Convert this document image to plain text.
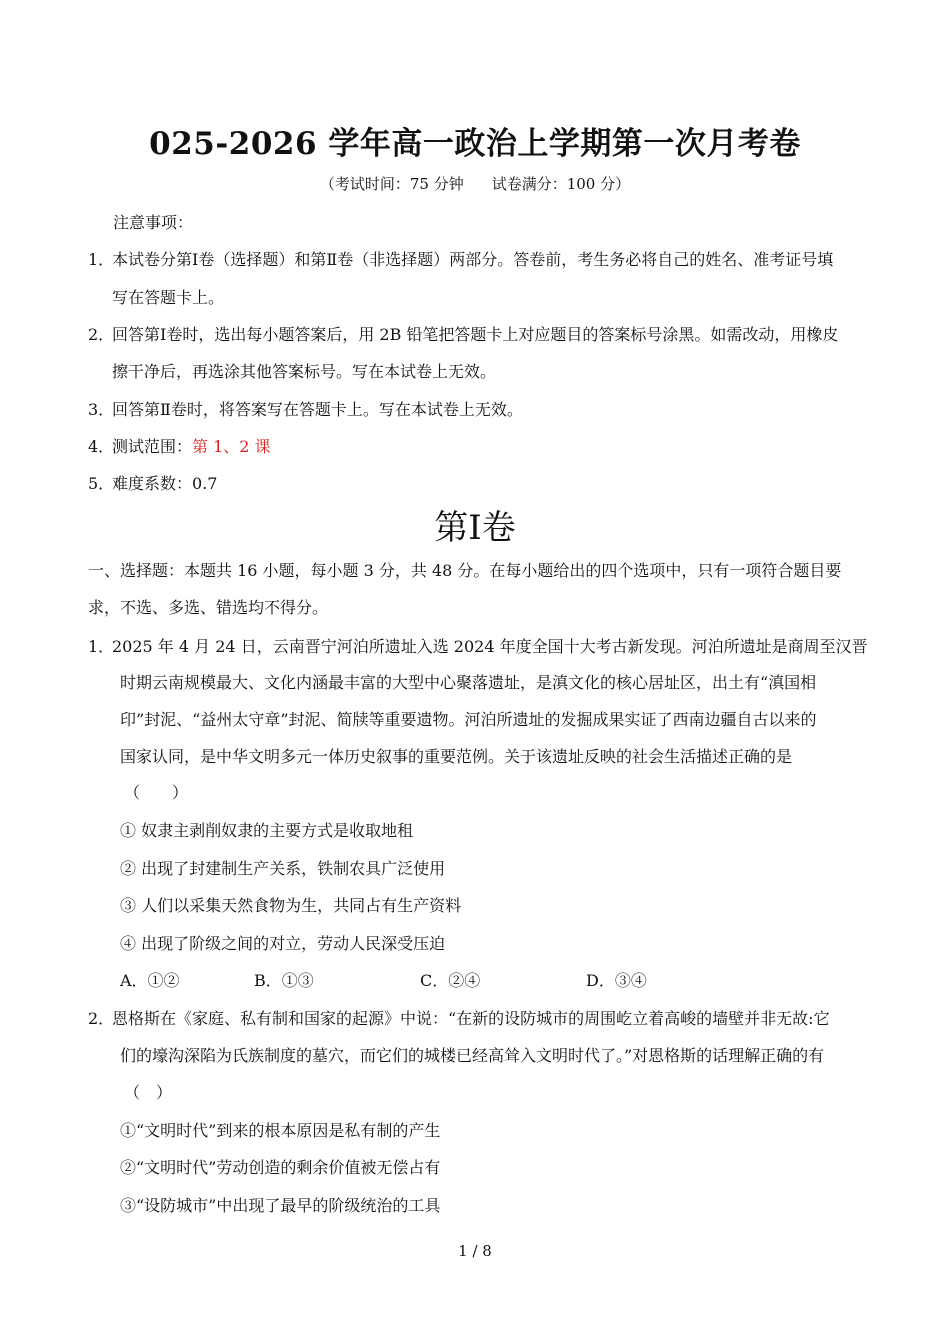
025-2026 学年高一政治上学期第一次月考卷
（考试时间：75 分钟 试卷满分：100 分）
注意事项：
1．本试卷分第Ⅰ卷（选择题）和第Ⅱ卷（非选择题）两部分。答卷前，考生务必将自己的姓名、准考证号填
写在答题卡上。
2．回答第Ⅰ卷时，选出每小题答案后，用 2B 铅笔把答题卡上对应题目的答案标号涂黑。如需改动，用橡皮
擦干净后，再选涂其他答案标号。写在本试卷上无效。
3．回答第Ⅱ卷时，将答案写在答题卡上。写在本试卷上无效。
4．测试范围：第 1、2 课
5．难度系数：0.7
第Ⅰ卷
一、选择题：本题共 16 小题，每小题 3 分，共 48 分。在每小题给出的四个选项中，只有一项符合题目要
求，不选、多选、错选均不得分。
1．2025 年 4 月 24 日，云南晋宁河泊所遗址入选 2024 年度全国十大考古新发现。河泊所遗址是商周至汉晋
时期云南规模最大、文化内涵最丰富的大型中心聚落遗址，是滇文化的核心居址区，出土有“滇国相
印”封泥、“益州太守章”封泥、简牍等重要遗物。河泊所遗址的发掘成果实证了西南边疆自古以来的
国家认同，是中华文明多元一体历史叙事的重要范例。关于该遗址反映的社会生活描述正确的是
（　　）
① 奴隶主剥削奴隶的主要方式是收取地租
② 出现了封建制生产关系，铁制农具广泛使用
③ 人们以采集天然食物为生，共同占有生产资料
④ 出现了阶级之间的对立，劳动人民深受压迫
A．①②	B．①③	C．②④	D．③④
2．恩格斯在《家庭、私有制和国家的起源》中说：“在新的设防城市的周围屹立着高峻的墙壁并非无故:它
们的壕沟深陷为氏族制度的墓穴，而它们的城楼已经高耸入文明时代了。”对恩格斯的话理解正确的有
（　）
①“文明时代”到来的根本原因是私有制的产生
②“文明时代”劳动创造的剩余价值被无偿占有
③“设防城市”中出现了最早的阶级统治的工具
1 / 8
